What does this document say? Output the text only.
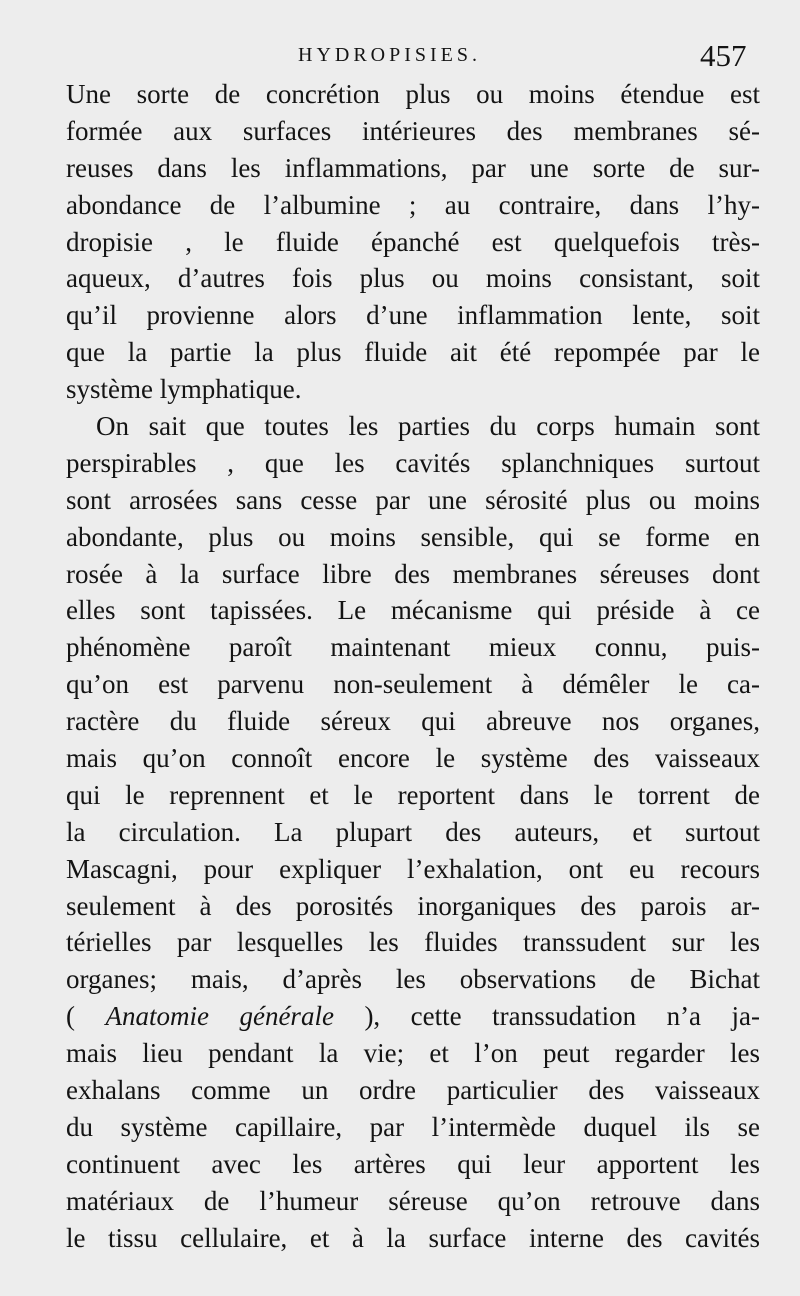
HYDROPISIES.	457
Une sorte de concrétion plus ou moins étendue est
formée aux surfaces intérieures des membranes sé-
reuses dans les inflammations, par une sorte de sur-
abondance de l’albumine ; au contraire, dans l’hy-
dropisie , le fluide épanché est quelquefois très-
aqueux, d’autres fois plus ou moins consistant, soit
qu’il provienne alors d’une inflammation lente, soit
que la partie la plus fluide ait été repompée par le
système lymphatique.
On sait que toutes les parties du corps humain sont
perspirables , que les cavités splanchniques surtout
sont arrosées sans cesse par une sérosité plus ou moins
abondante, plus ou moins sensible, qui se forme en
rosée à la surface libre des membranes séreuses dont
elles sont tapissées. Le mécanisme qui préside à ce
phénomène paroît maintenant mieux connu, puis-
qu’on est parvenu non-seulement à démêler le ca-
ractère du fluide séreux qui abreuve nos organes,
mais qu’on connoît encore le système des vaisseaux
qui le reprennent et le reportent dans le torrent de
la circulation. La plupart des auteurs, et surtout
Mascagni, pour expliquer l’exhalation, ont eu recours
seulement à des porosités inorganiques des parois ar-
térielles par lesquelles les fluides transsudent sur les
organes; mais, d’après les observations de Bichat
( Anatomie générale ), cette transsudation n’a ja-
mais lieu pendant la vie; et l’on peut regarder les
exhalans comme un ordre particulier des vaisseaux
du système capillaire, par l’intermède duquel ils se
continuent avec les artères qui leur apportent les
matériaux de l’humeur séreuse qu’on retrouve dans
le tissu cellulaire, et à la surface interne des cavités
